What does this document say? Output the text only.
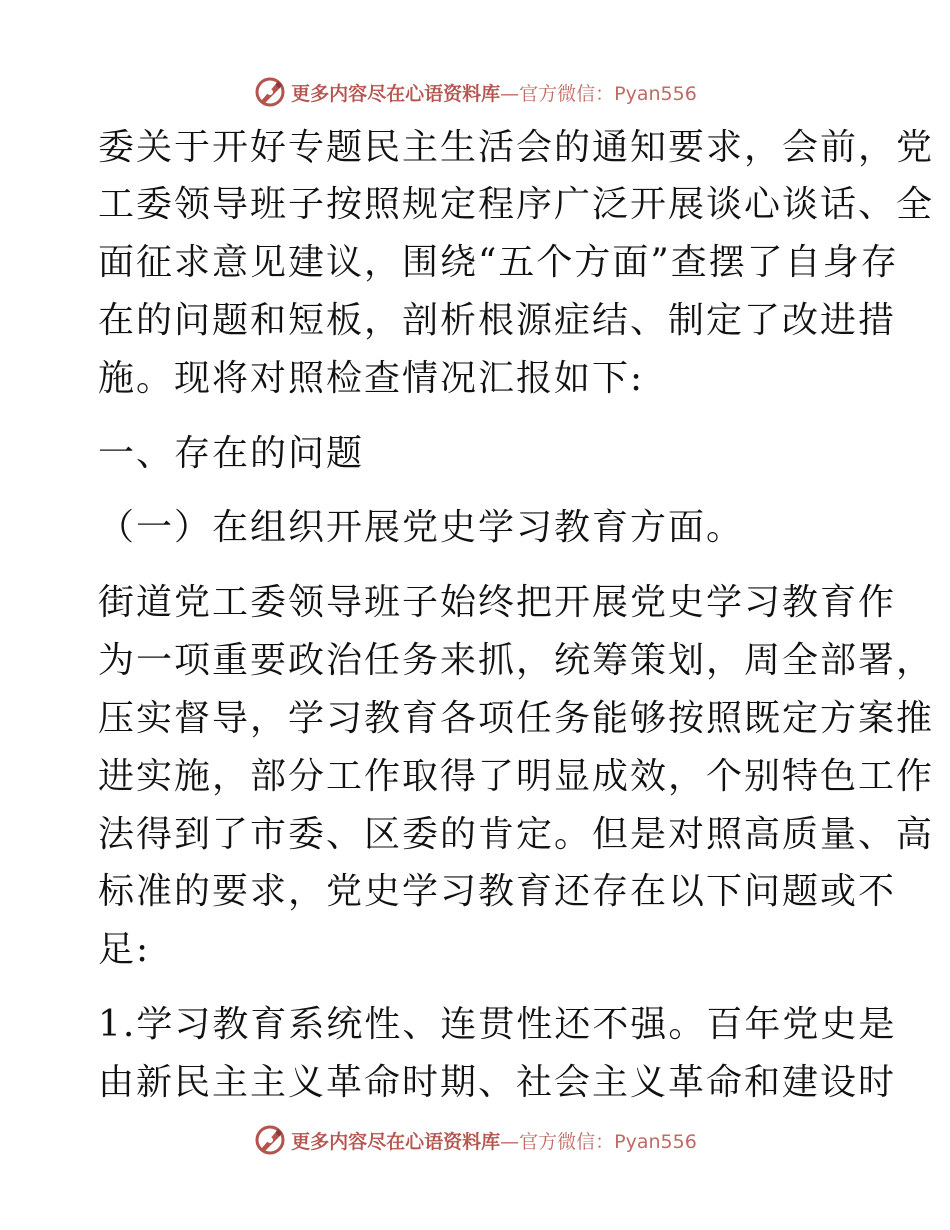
更多内容尽在心语资料库 —官方微信：Pyan556
委关于开好专题民主生活会的通知要求，会前，党
工委领导班子按照规定程序广泛开展谈心谈话、全
面征求意见建议，围绕“五个方面”查摆了自身存
在的问题和短板，剖析根源症结、制定了改进措
施。现将对照检查情况汇报如下:
一、存在的问题
（一）在组织开展党史学习教育方面。
街道党工委领导班子始终把开展党史学习教育作
为一项重要政治任务来抓，统筹策划，周全部署，
压实督导，学习教育各项任务能够按照既定方案推
进实施，部分工作取得了明显成效，个别特色工作
法得到了市委、区委的肯定。但是对照高质量、高
标准的要求，党史学习教育还存在以下问题或不
足:
1.学习教育系统性、连贯性还不强。百年党史是
由新民主主义革命时期、社会主义革命和建设时
更多内容尽在心语资料库 —官方微信：Pyan556
